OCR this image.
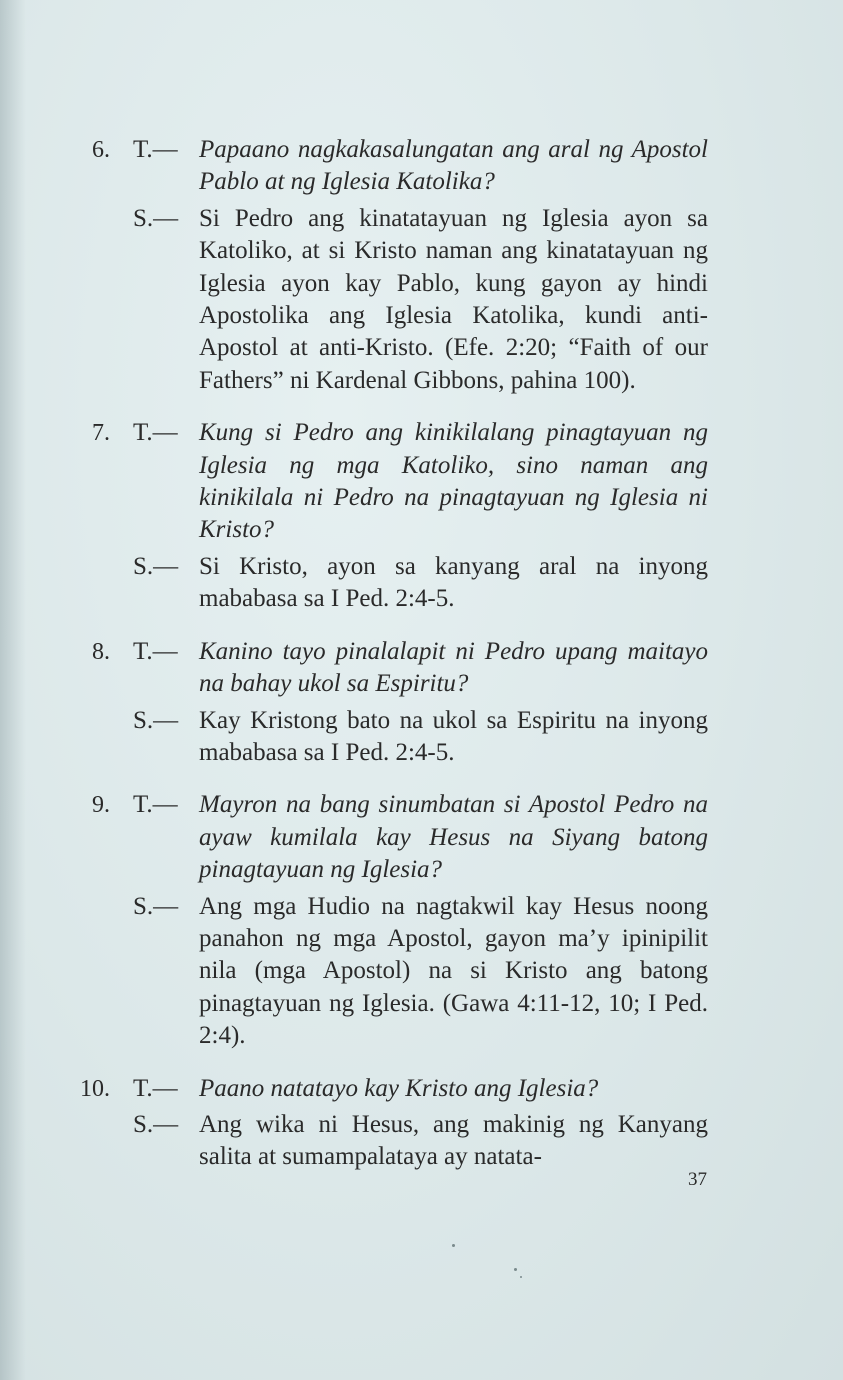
6. T.— Papaano nagkakasalungatan ang aral ng Apostol Pablo at ng Iglesia Katolika?
S.— Si Pedro ang kinatatayuan ng Iglesia ayon sa Katoliko, at si Kristo naman ang kinatatayuan ng Iglesia ayon kay Pablo, kung gayon ay hindi Apostolika ang Iglesia Katolika, kundi anti-Apostol at anti-Kristo. (Efe. 2:20; “Faith of our Fathers” ni Kardenal Gibbons, pahina 100).
7. T.— Kung si Pedro ang kinikilalang pinagtayuan ng Iglesia ng mga Katoliko, sino naman ang kinikilala ni Pedro na pinagtayuan ng Iglesia ni Kristo?
S.— Si Kristo, ayon sa kanyang aral na inyong mababasa sa I Ped. 2:4-5.
8. T.— Kanino tayo pinalalapit ni Pedro upang maitayo na bahay ukol sa Espiritu?
S.— Kay Kristong bato na ukol sa Espiritu na inyong mababasa sa I Ped. 2:4-5.
9. T.— Mayron na bang sinumbatan si Apostol Pedro na ayaw kumilala kay Hesus na Siyang batong pinagtayuan ng Iglesia?
S.— Ang mga Hudio na nagtakwil kay Hesus noong panahon ng mga Apostol, gayon ma’y ipinipilit nila (mga Apostol) na si Kristo ang batong pinagtayuan ng Iglesia. (Gawa 4:11-12, 10; I Ped. 2:4).
10. T.— Paano natatayo kay Kristo ang Iglesia?
S.— Ang wika ni Hesus, ang makinig ng Kanyang salita at sumampalataya ay natata-
37
